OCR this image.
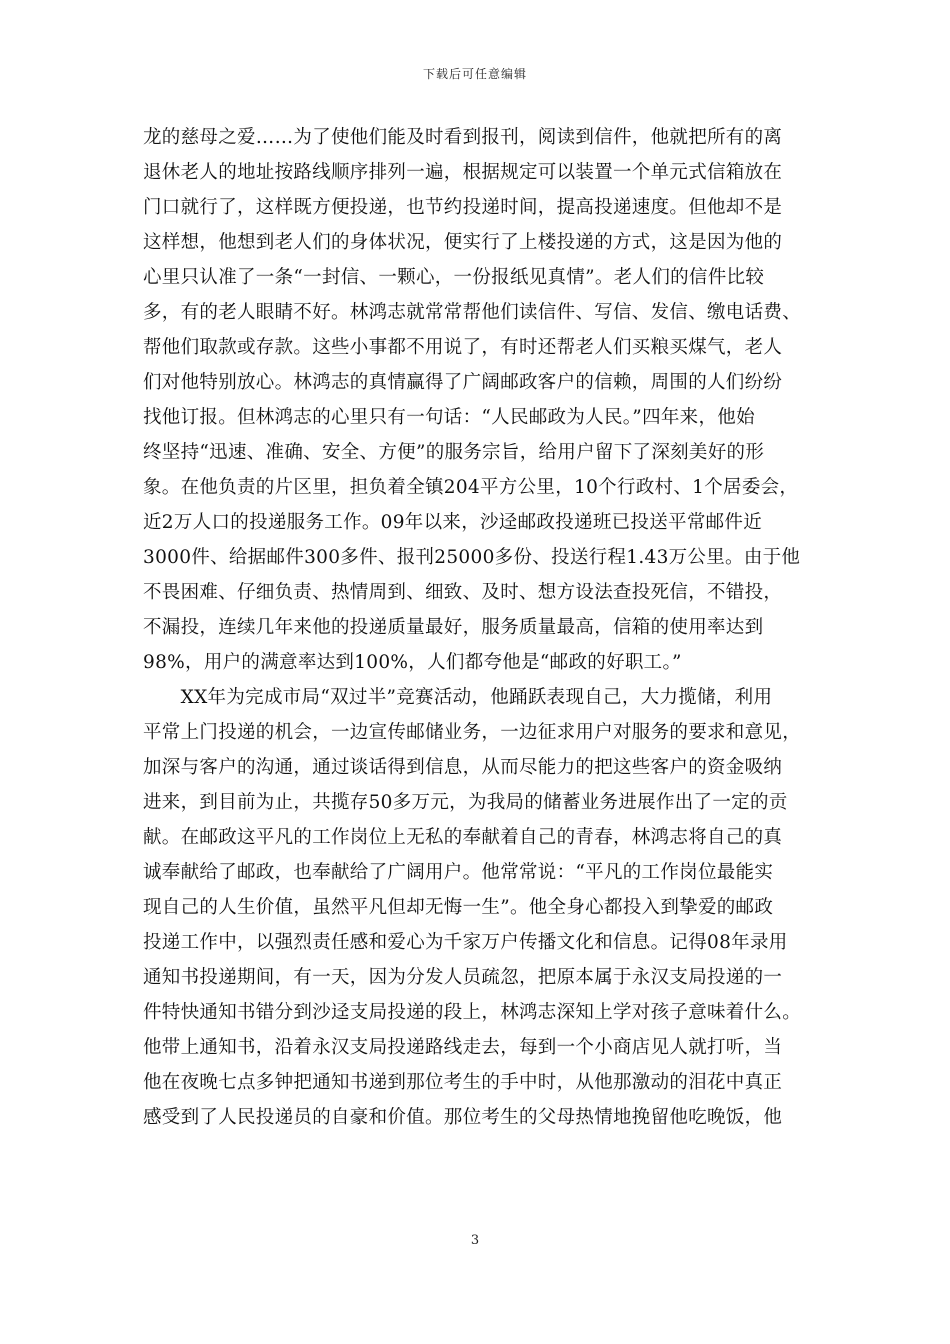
下载后可任意编辑

龙的慈母之爱……为了使他们能及时看到报刊，阅读到信件，他就把所有的离
退休老人的地址按路线顺序排列一遍，根据规定可以装置一个单元式信箱放在
门口就行了，这样既方便投递，也节约投递时间，提高投递速度。但他却不是
这样想，他想到老人们的身体状况，便实行了上楼投递的方式，这是因为他的
心里只认准了一条“一封信、一颗心，一份报纸见真情”。老人们的信件比较
多，有的老人眼睛不好。林鸿志就常常帮他们读信件、写信、发信、缴电话费、
帮他们取款或存款。这些小事都不用说了，有时还帮老人们买粮买煤气，老人
们对他特别放心。林鸿志的真情赢得了广阔邮政客户的信赖，周围的人们纷纷
找他订报。但林鸿志的心里只有一句话：“人民邮政为人民。”四年来，他始
终坚持“迅速、准确、安全、方便”的服务宗旨，给用户留下了深刻美好的形
象。在他负责的片区里，担负着全镇204平方公里，10个行政村、1个居委会，
近2万人口的投递服务工作。09年以来，沙迳邮政投递班已投送平常邮件近
3000件、给据邮件300多件、报刊25000多份、投送行程1.43万公里。由于他
不畏困难、仔细负责、热情周到、细致、及时、想方设法查投死信，不错投，
不漏投，连续几年来他的投递质量最好，服务质量最高，信箱的使用率达到
98%，用户的满意率达到100%，人们都夸他是“邮政的好职工。”

　　XX年为完成市局“双过半”竞赛活动，他踊跃表现自己，大力揽储，利用
平常上门投递的机会，一边宣传邮储业务，一边征求用户对服务的要求和意见，
加深与客户的沟通，通过谈话得到信息，从而尽能力的把这些客户的资金吸纳
进来，到目前为止，共揽存50多万元，为我局的储蓄业务进展作出了一定的贡
献。在邮政这平凡的工作岗位上无私的奉献着自己的青春，林鸿志将自己的真
诚奉献给了邮政，也奉献给了广阔用户。他常常说：“平凡的工作岗位最能实
现自己的人生价值，虽然平凡但却无悔一生”。他全身心都投入到挚爱的邮政
投递工作中，以强烈责任感和爱心为千家万户传播文化和信息。记得08年录用
通知书投递期间，有一天，因为分发人员疏忽，把原本属于永汉支局投递的一
件特快通知书错分到沙迳支局投递的段上，林鸿志深知上学对孩子意味着什么。
他带上通知书，沿着永汉支局投递路线走去，每到一个小商店见人就打听，当
他在夜晚七点多钟把通知书递到那位考生的手中时，从他那激动的泪花中真正
感受到了人民投递员的自豪和价值。那位考生的父母热情地挽留他吃晚饭，他

3
